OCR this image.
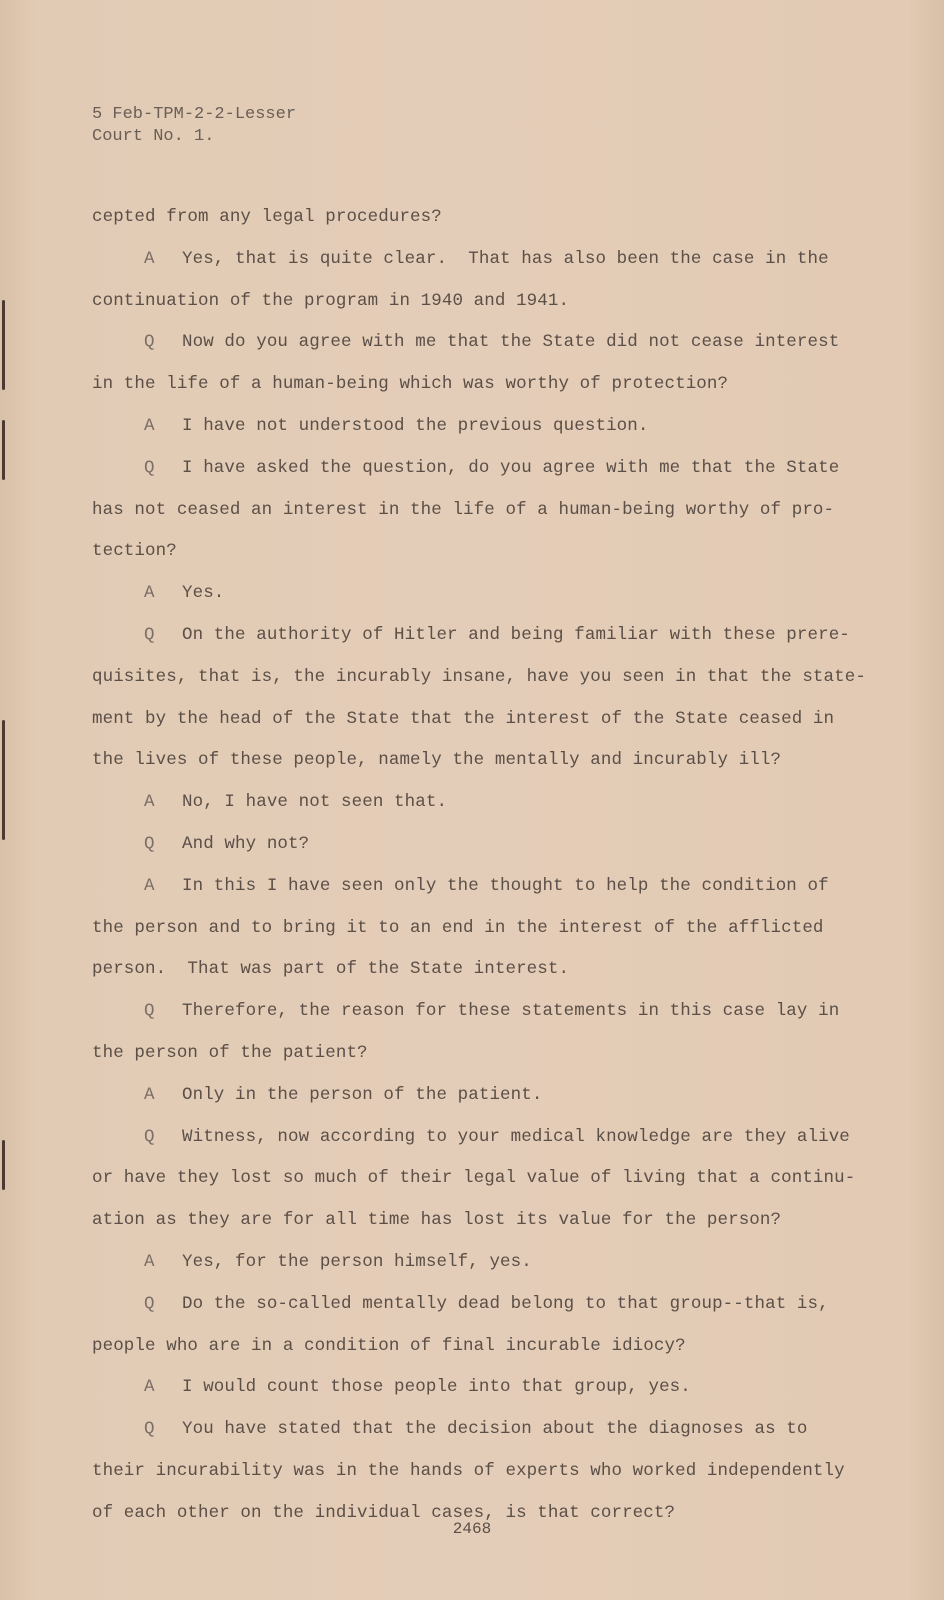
5 Feb-TPM-2-2-Lesser
Court No. 1.
cepted from any legal procedures?
A Yes, that is quite clear.  That has also been the case in the
continuation of the program in 1940 and 1941.
Q Now do you agree with me that the State did not cease interest
in the life of a human-being which was worthy of protection?
A I have not understood the previous question.
Q I have asked the question, do you agree with me that the State
has not ceased an interest in the life of a human-being worthy of pro-
tection?
A Yes.
Q On the authority of Hitler and being familiar with these prere-
quisites, that is, the incurably insane, have you seen in that the state-
ment by the head of the State that the interest of the State ceased in
the lives of these people, namely the mentally and incurably ill?
A No, I have not seen that.
Q And why not?
A In this I have seen only the thought to help the condition of
the person and to bring it to an end in the interest of the afflicted
person.  That was part of the State interest.
Q Therefore, the reason for these statements in this case lay in
the person of the patient?
A Only in the person of the patient.
Q Witness, now according to your medical knowledge are they alive
or have they lost so much of their legal value of living that a continu-
ation as they are for all time has lost its value for the person?
A Yes, for the person himself, yes.
Q Do the so-called mentally dead belong to that group--that is,
people who are in a condition of final incurable idiocy?
A I would count those people into that group, yes.
Q You have stated that the decision about the diagnoses as to
their incurability was in the hands of experts who worked independently
of each other on the individual cases, is that correct?
2468
